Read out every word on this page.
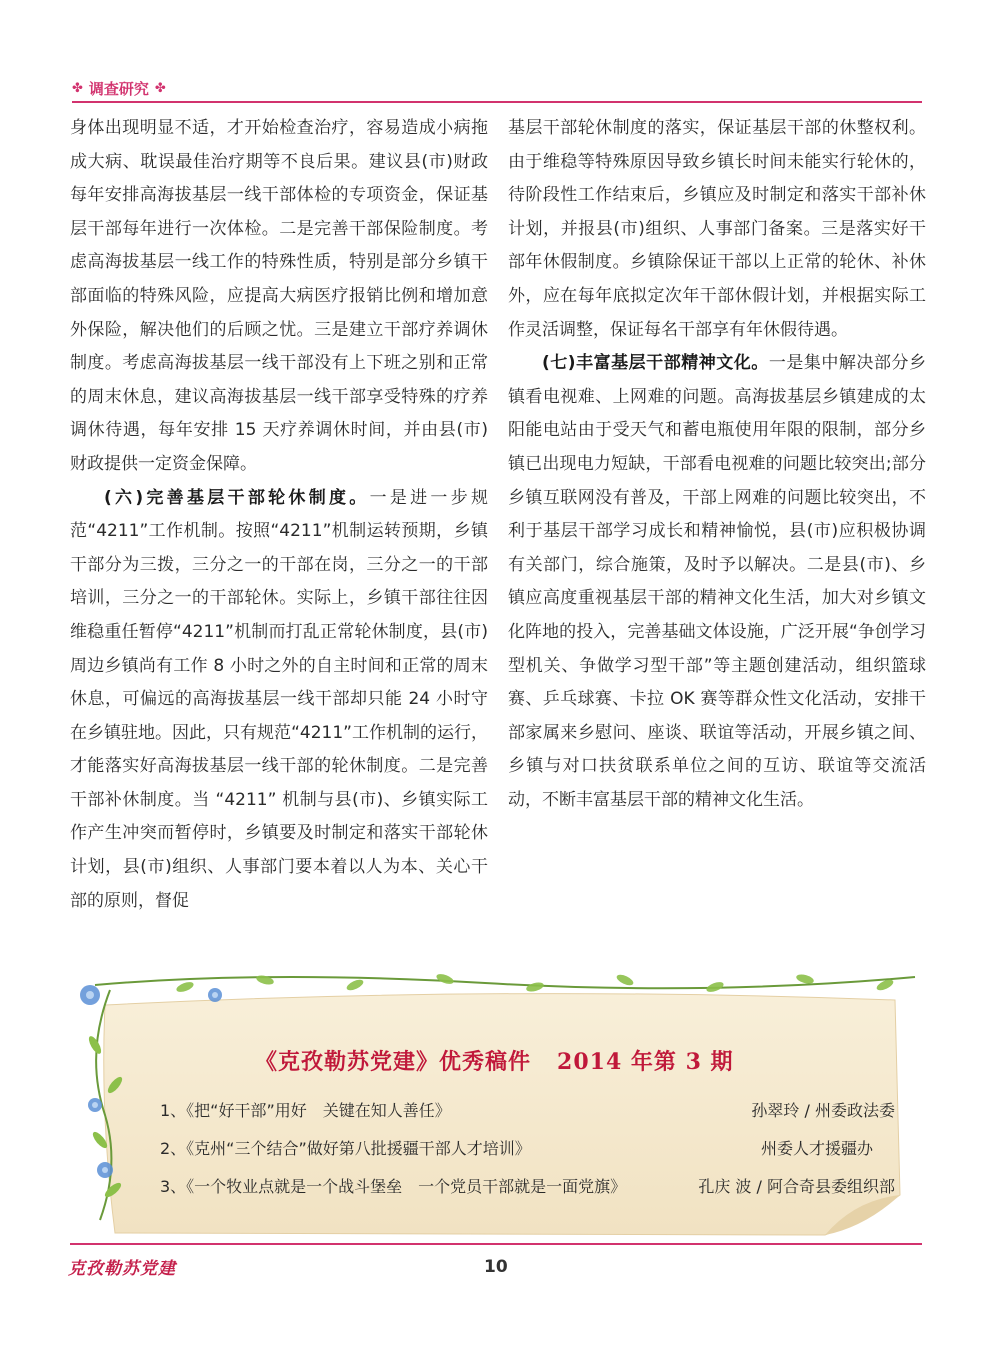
✤ 调查研究 ✤

身体出现明显不适，才开始检查治疗，容易造成小病拖成大病、耽误最佳治疗期等不良后果。建议县(市)财政每年安排高海拔基层一线干部体检的专项资金，保证基层干部每年进行一次体检。二是完善干部保险制度。考虑高海拔基层一线工作的特殊性质，特别是部分乡镇干部面临的特殊风险，应提高大病医疗报销比例和增加意外保险，解决他们的后顾之忧。三是建立干部疗养调休制度。考虑高海拔基层一线干部没有上下班之别和正常的周末休息，建议高海拔基层一线干部享受特殊的疗养调休待遇，每年安排 15 天疗养调休时间，并由县(市)财政提供一定资金保障。

(六)完善基层干部轮休制度。一是进一步规范“4211”工作机制。按照“4211”机制运转预期，乡镇干部分为三拨，三分之一的干部在岗，三分之一的干部培训，三分之一的干部轮休。实际上，乡镇干部往往因维稳重任暂停“4211”机制而打乱正常轮休制度，县(市)周边乡镇尚有工作 8 小时之外的自主时间和正常的周末休息，可偏远的高海拔基层一线干部却只能 24 小时守在乡镇驻地。因此，只有规范“4211”工作机制的运行，才能落实好高海拔基层一线干部的轮休制度。二是完善干部补休制度。当 “4211” 机制与县(市)、乡镇实际工作产生冲突而暂停时，乡镇要及时制定和落实干部轮休计划，县(市)组织、人事部门要本着以人为本、关心干部的原则，督促

基层干部轮休制度的落实，保证基层干部的休整权利。由于维稳等特殊原因导致乡镇长时间未能实行轮休的，待阶段性工作结束后，乡镇应及时制定和落实干部补休计划，并报县(市)组织、人事部门备案。三是落实好干部年休假制度。乡镇除保证干部以上正常的轮休、补休外，应在每年底拟定次年干部休假计划，并根据实际工作灵活调整，保证每名干部享有年休假待遇。

(七)丰富基层干部精神文化。一是集中解决部分乡镇看电视难、上网难的问题。高海拔基层乡镇建成的太阳能电站由于受天气和蓄电瓶使用年限的限制，部分乡镇已出现电力短缺，干部看电视难的问题比较突出;部分乡镇互联网没有普及，干部上网难的问题比较突出，不利于基层干部学习成长和精神愉悦，县(市)应积极协调有关部门，综合施策，及时予以解决。二是县(市)、乡镇应高度重视基层干部的精神文化生活，加大对乡镇文化阵地的投入，完善基础文体设施，广泛开展“争创学习型机关、争做学习型干部”等主题创建活动，组织篮球赛、乒乓球赛、卡拉 OK 赛等群众性文化活动，安排干部家属来乡慰问、座谈、联谊等活动，开展乡镇之间、乡镇与对口扶贫联系单位之间的互访、联谊等交流活动，不断丰富基层干部的精神文化生活。

《克孜勒苏党建》优秀稿件 2014 年第 3 期
1、《把“好干部”用好　关键在知人善任》	孙翠玲 / 州委政法委
2、《克州“三个结合”做好第八批援疆干部人才培训》	州委人才援疆办
3、《一个牧业点就是一个战斗堡垒　一个党员干部就是一面党旗》	孔庆 波 / 阿合奇县委组织部
克孜勒苏党建	10
